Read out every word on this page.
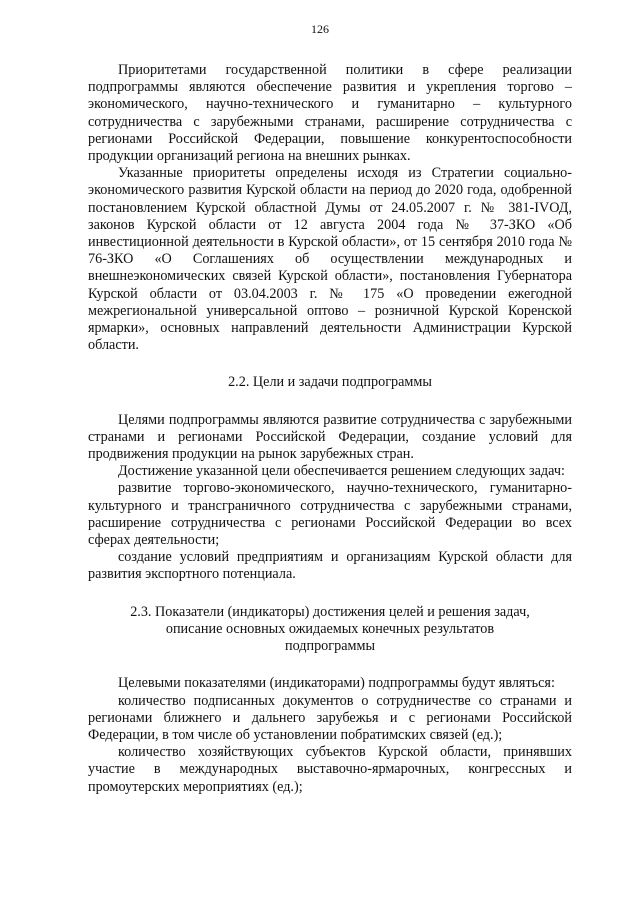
126

Приоритетами государственной политики в сфере реализации подпрограммы являются обеспечение развития и укрепления торгово – экономического, научно-технического и гуманитарно – культурного сотрудничества с зарубежными странами, расширение сотрудничества с регионами Российской Федерации, повышение конкурентоспособности продукции организаций региона на внешних рынках.

Указанные приоритеты определены исходя из Стратегии социально-экономического развития Курской области на период до 2020 года, одобренной постановлением Курской областной Думы от 24.05.2007 г. № 381-IVОД, законов Курской области от 12 августа 2004 года № 37-ЗКО «Об инвестиционной деятельности в Курской области», от 15 сентября 2010 года № 76-ЗКО «О Соглашениях об осуществлении международных и внешнеэкономических связей Курской области», постановления Губернатора Курской области от 03.04.2003 г. № 175 «О проведении ежегодной межрегиональной универсальной оптово – розничной Курской Коренской ярмарки», основных направлений деятельности Администрации Курской области.

2.2. Цели и задачи подпрограммы

Целями подпрограммы являются развитие сотрудничества с зарубежными странами и регионами Российской Федерации, создание условий для продвижения продукции на рынок зарубежных стран.

Достижение указанной цели обеспечивается решением следующих задач:

развитие торгово-экономического, научно-технического, гуманитарно-культурного и трансграничного сотрудничества с зарубежными странами, расширение сотрудничества с регионами Российской Федерации во всех сферах деятельности;

создание условий предприятиям и организациям Курской области для развития экспортного потенциала.

2.3. Показатели (индикаторы) достижения целей и решения задач,

описание основных ожидаемых конечных результатов

подпрограммы

Целевыми показателями (индикаторами) подпрограммы будут являться:

количество подписанных документов о сотрудничестве со странами и регионами ближнего и дальнего зарубежья и с регионами Российской Федерации, в том числе об установлении побратимских связей (ед.);

количество хозяйствующих субъектов Курской области, принявших участие в международных выставочно-ярмарочных, конгрессных и промоутерских мероприятиях (ед.);
